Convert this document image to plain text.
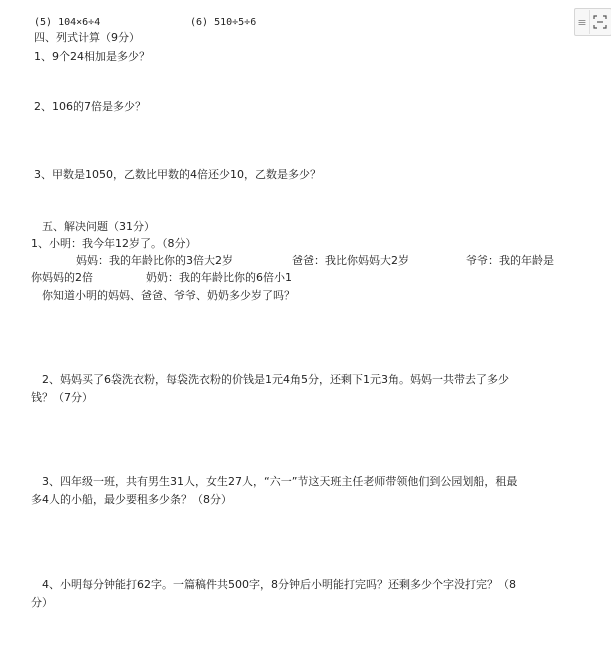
(5) 104×6÷4	(6) 510÷5÷6

四、列式计算（9分）

1、9个24相加是多少？

2、106的7倍是多少？

3、甲数是1050，乙数比甲数的4倍还少10，乙数是多少？

五、解决问题（31分）

1、小明：我今年12岁了。（8分）

妈妈：我的年龄比你的3倍大2岁	爸爸：我比你妈妈大2岁	爷爷：我的年龄是

你妈妈的2倍	奶奶：我的年龄比你的6倍小1

你知道小明的妈妈、爸爸、爷爷、奶奶多少岁了吗？

2、妈妈买了6袋洗衣粉，每袋洗衣粉的价钱是1元4角5分，还剩下1元3角。妈妈一共带去了多少

钱？（7分）

3、四年级一班，共有男生31人，女生27人，“六一”节这天班主任老师带领他们到公园划船，租最

多4人的小船，最少要租多少条？（8分）

4、小明每分钟能打62字。一篇稿件共500字，8分钟后小明能打完吗？还剩多少个字没打完？（8

分）

≡
